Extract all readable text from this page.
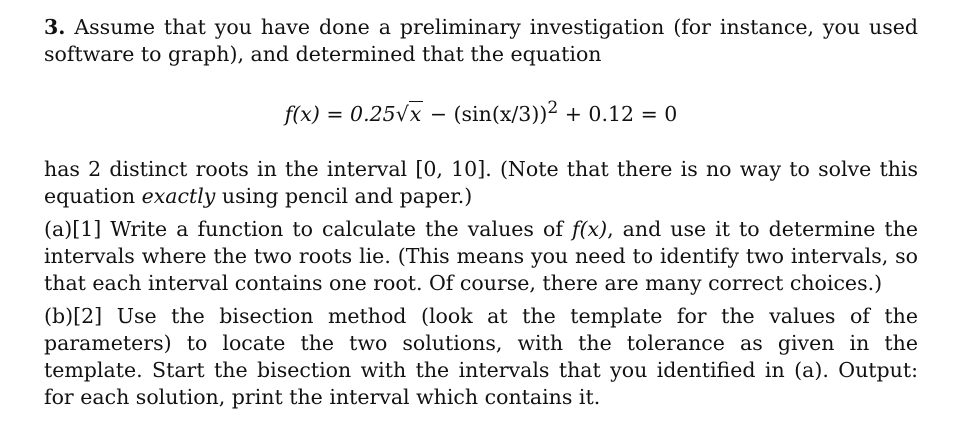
3. Assume that you have done a preliminary investigation (for instance, you used software to graph), and determined that the equation

$f(x) = 0.25√x - (\sin(x/3))^2 + 0.12 = 0$

has 2 distinct roots in the interval [0, 10]. (Note that there is no way to solve this equation exactly using pencil and paper.)

(a)[1] Write a function to calculate the values of f(x), and use it to determine the intervals where the two roots lie. (This means you need to identify two intervals, so that each interval contains one root. Of course, there are many correct choices.)

(b)[2] Use the bisection method (look at the template for the values of the parameters) to locate the two solutions, with the tolerance as given in the template. Start the bisection with the intervals that you identified in (a). Output: for each solution, print the interval which contains it.
